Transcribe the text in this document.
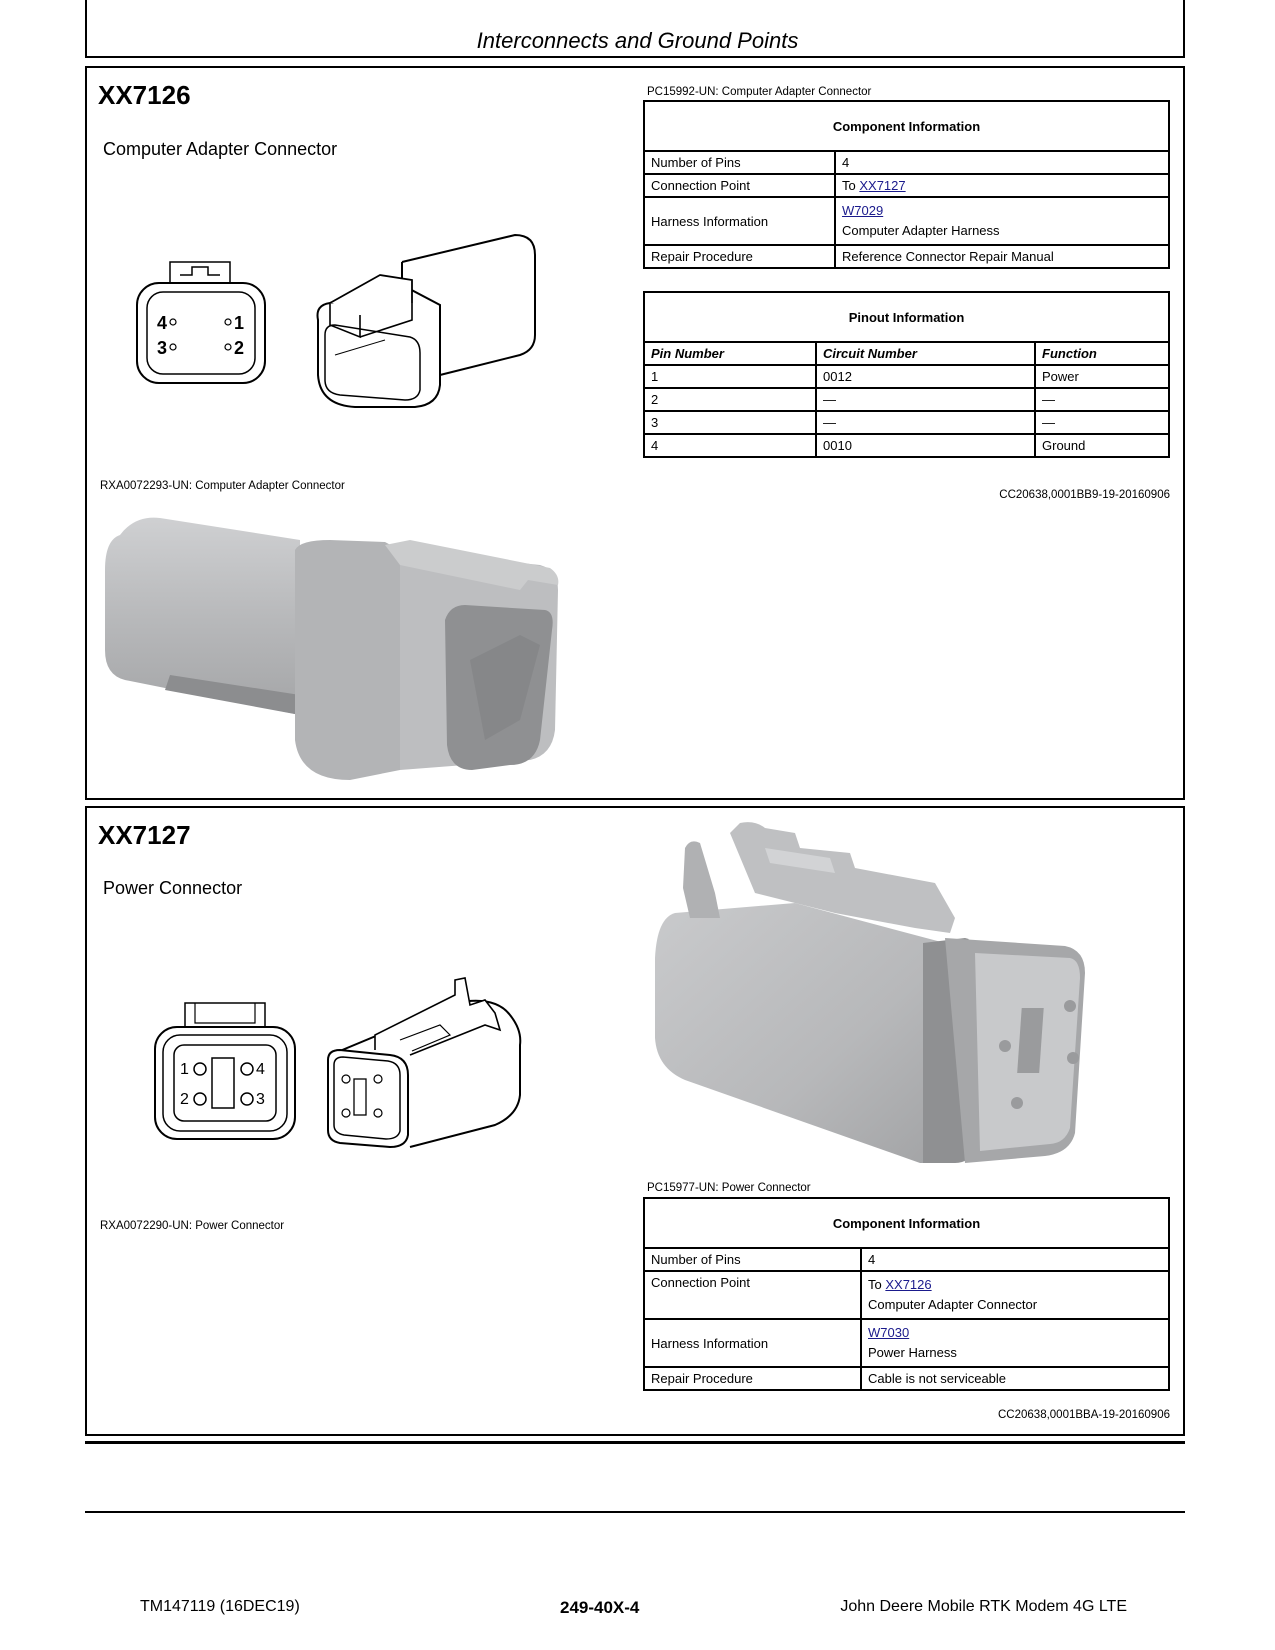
Interconnects and Ground Points
XX7126
Computer Adapter Connector
4	1
3	2
RXA0072293-UN: Computer Adapter Connector
PC15992-UN: Computer Adapter Connector
Component Information	
Number of Pins	4
Connection Point	To XX7127
Harness Information	W7029
Computer Adapter Harness
Repair Procedure	Reference Connector Repair Manual
Pinout Information		
Pin Number	Circuit Number	Function
1	0012	Power
2	—	—
3	—	—
4	0010	Ground
CC20638,0001BB9-19-20160906
XX7127
Power Connector
1	4
2	3
RXA0072290-UN: Power Connector
PC15977-UN: Power Connector
Component Information	
Number of Pins	4
Connection Point	To XX7126
Computer Adapter Connector
Harness Information	W7030
Power Harness
Repair Procedure	Cable is not serviceable
CC20638,0001BBA-19-20160906
TM147119 (16DEC19)	249-40X-4	John Deere Mobile RTK Modem 4G LTE
